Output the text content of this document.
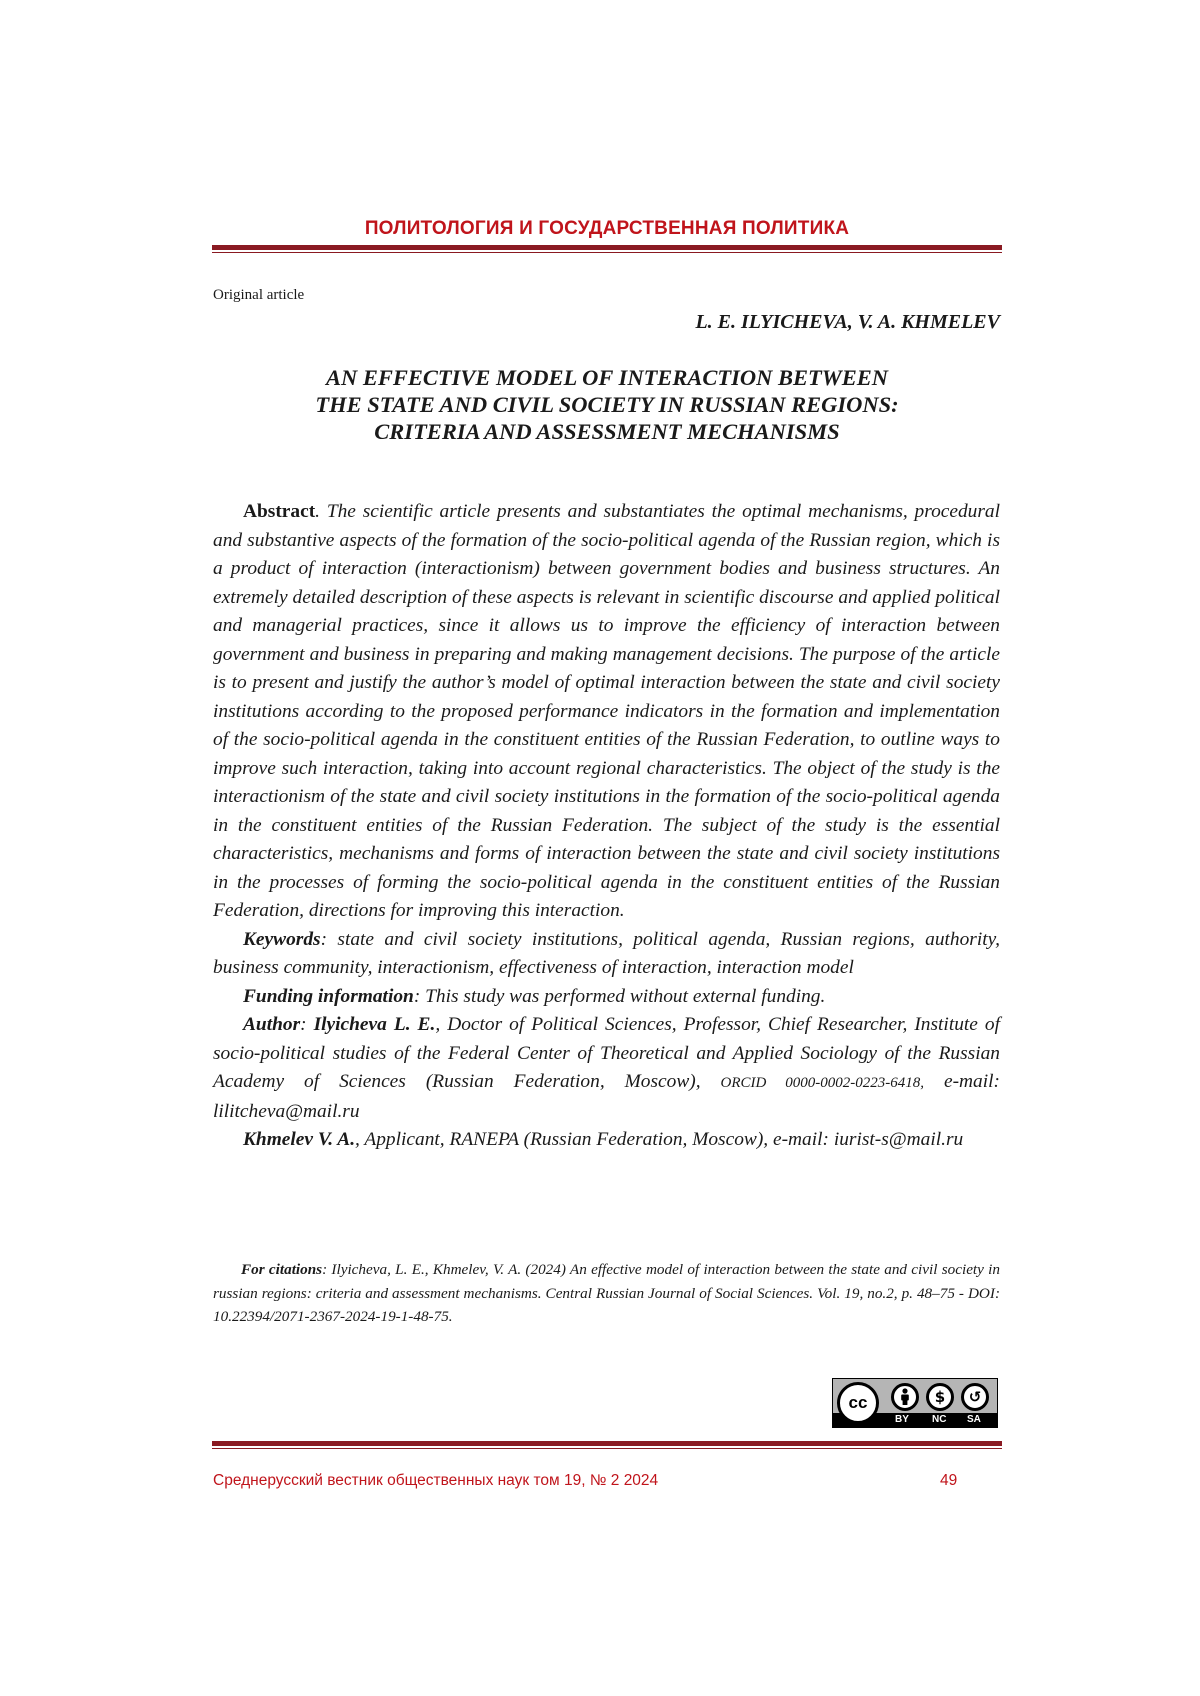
ПОЛИТОЛОГИЯ И ГОСУДАРСТВЕННАЯ ПОЛИТИКА
Original article
L. E. ILYICHEVA, V. A. KHMELEV
AN EFFECTIVE MODEL OF INTERACTION BETWEEN
THE STATE AND CIVIL SOCIETY IN RUSSIAN REGIONS:
CRITERIA AND ASSESSMENT MECHANISMS

Abstract. The scientific article presents and substantiates the optimal mechanisms, procedural and substantive aspects of the formation of the socio-political agenda of the Russian region, which is a product of interaction (interactionism) between government bodies and business structures. An extremely detailed description of these aspects is relevant in scientific discourse and applied political and managerial practices, since it allows us to improve the efficiency of interaction between government and business in preparing and making management decisions. The purpose of the article is to present and justify the author’s model of optimal interaction between the state and civil society institutions according to the proposed performance indicators in the formation and implementation of the socio-political agenda in the constituent entities of the Russian Federation, to outline ways to improve such interaction, taking into account regional characteristics. The object of the study is the interactionism of the state and civil society institutions in the formation of the socio-political agenda in the constituent entities of the Russian Federation. The subject of the study is the essential characteristics, mechanisms and forms of interaction between the state and civil society institutions in the processes of forming the socio-political agenda in the constituent entities of the Russian Federation, directions for improving this interaction.

Keywords: state and civil society institutions, political agenda, Russian regions, authority, business community, interactionism, effectiveness of interaction, interaction model

Funding information: This study was performed without external funding.

Author: Ilyicheva L. E., Doctor of Political Sciences, Professor, Chief Researcher, Institute of socio-political studies of the Federal Center of Theoretical and Applied Sociology of the Russian Academy of Sciences (Russian Federation, Moscow), ORCID 0000-0002-0223-6418, e-mail: lilitcheva@mail.ru

Khmelev V. A., Applicant, RANEPA (Russian Federation, Moscow), e-mail: iurist-s@mail.ru

For citations: Ilyicheva, L. E., Khmelev, V. A. (2024) An effective model of interaction between the state and civil society in russian regions: criteria and assessment mechanisms. Central Russian Journal of Social Sciences. Vol. 19, no.2, p. 48–75 - DOI: 10.22394/2071-2367-2024-19-1-48-75.

cc	$	↺
BY NC SA
Среднерусский вестник общественных наук том 19, № 2 2024	49
